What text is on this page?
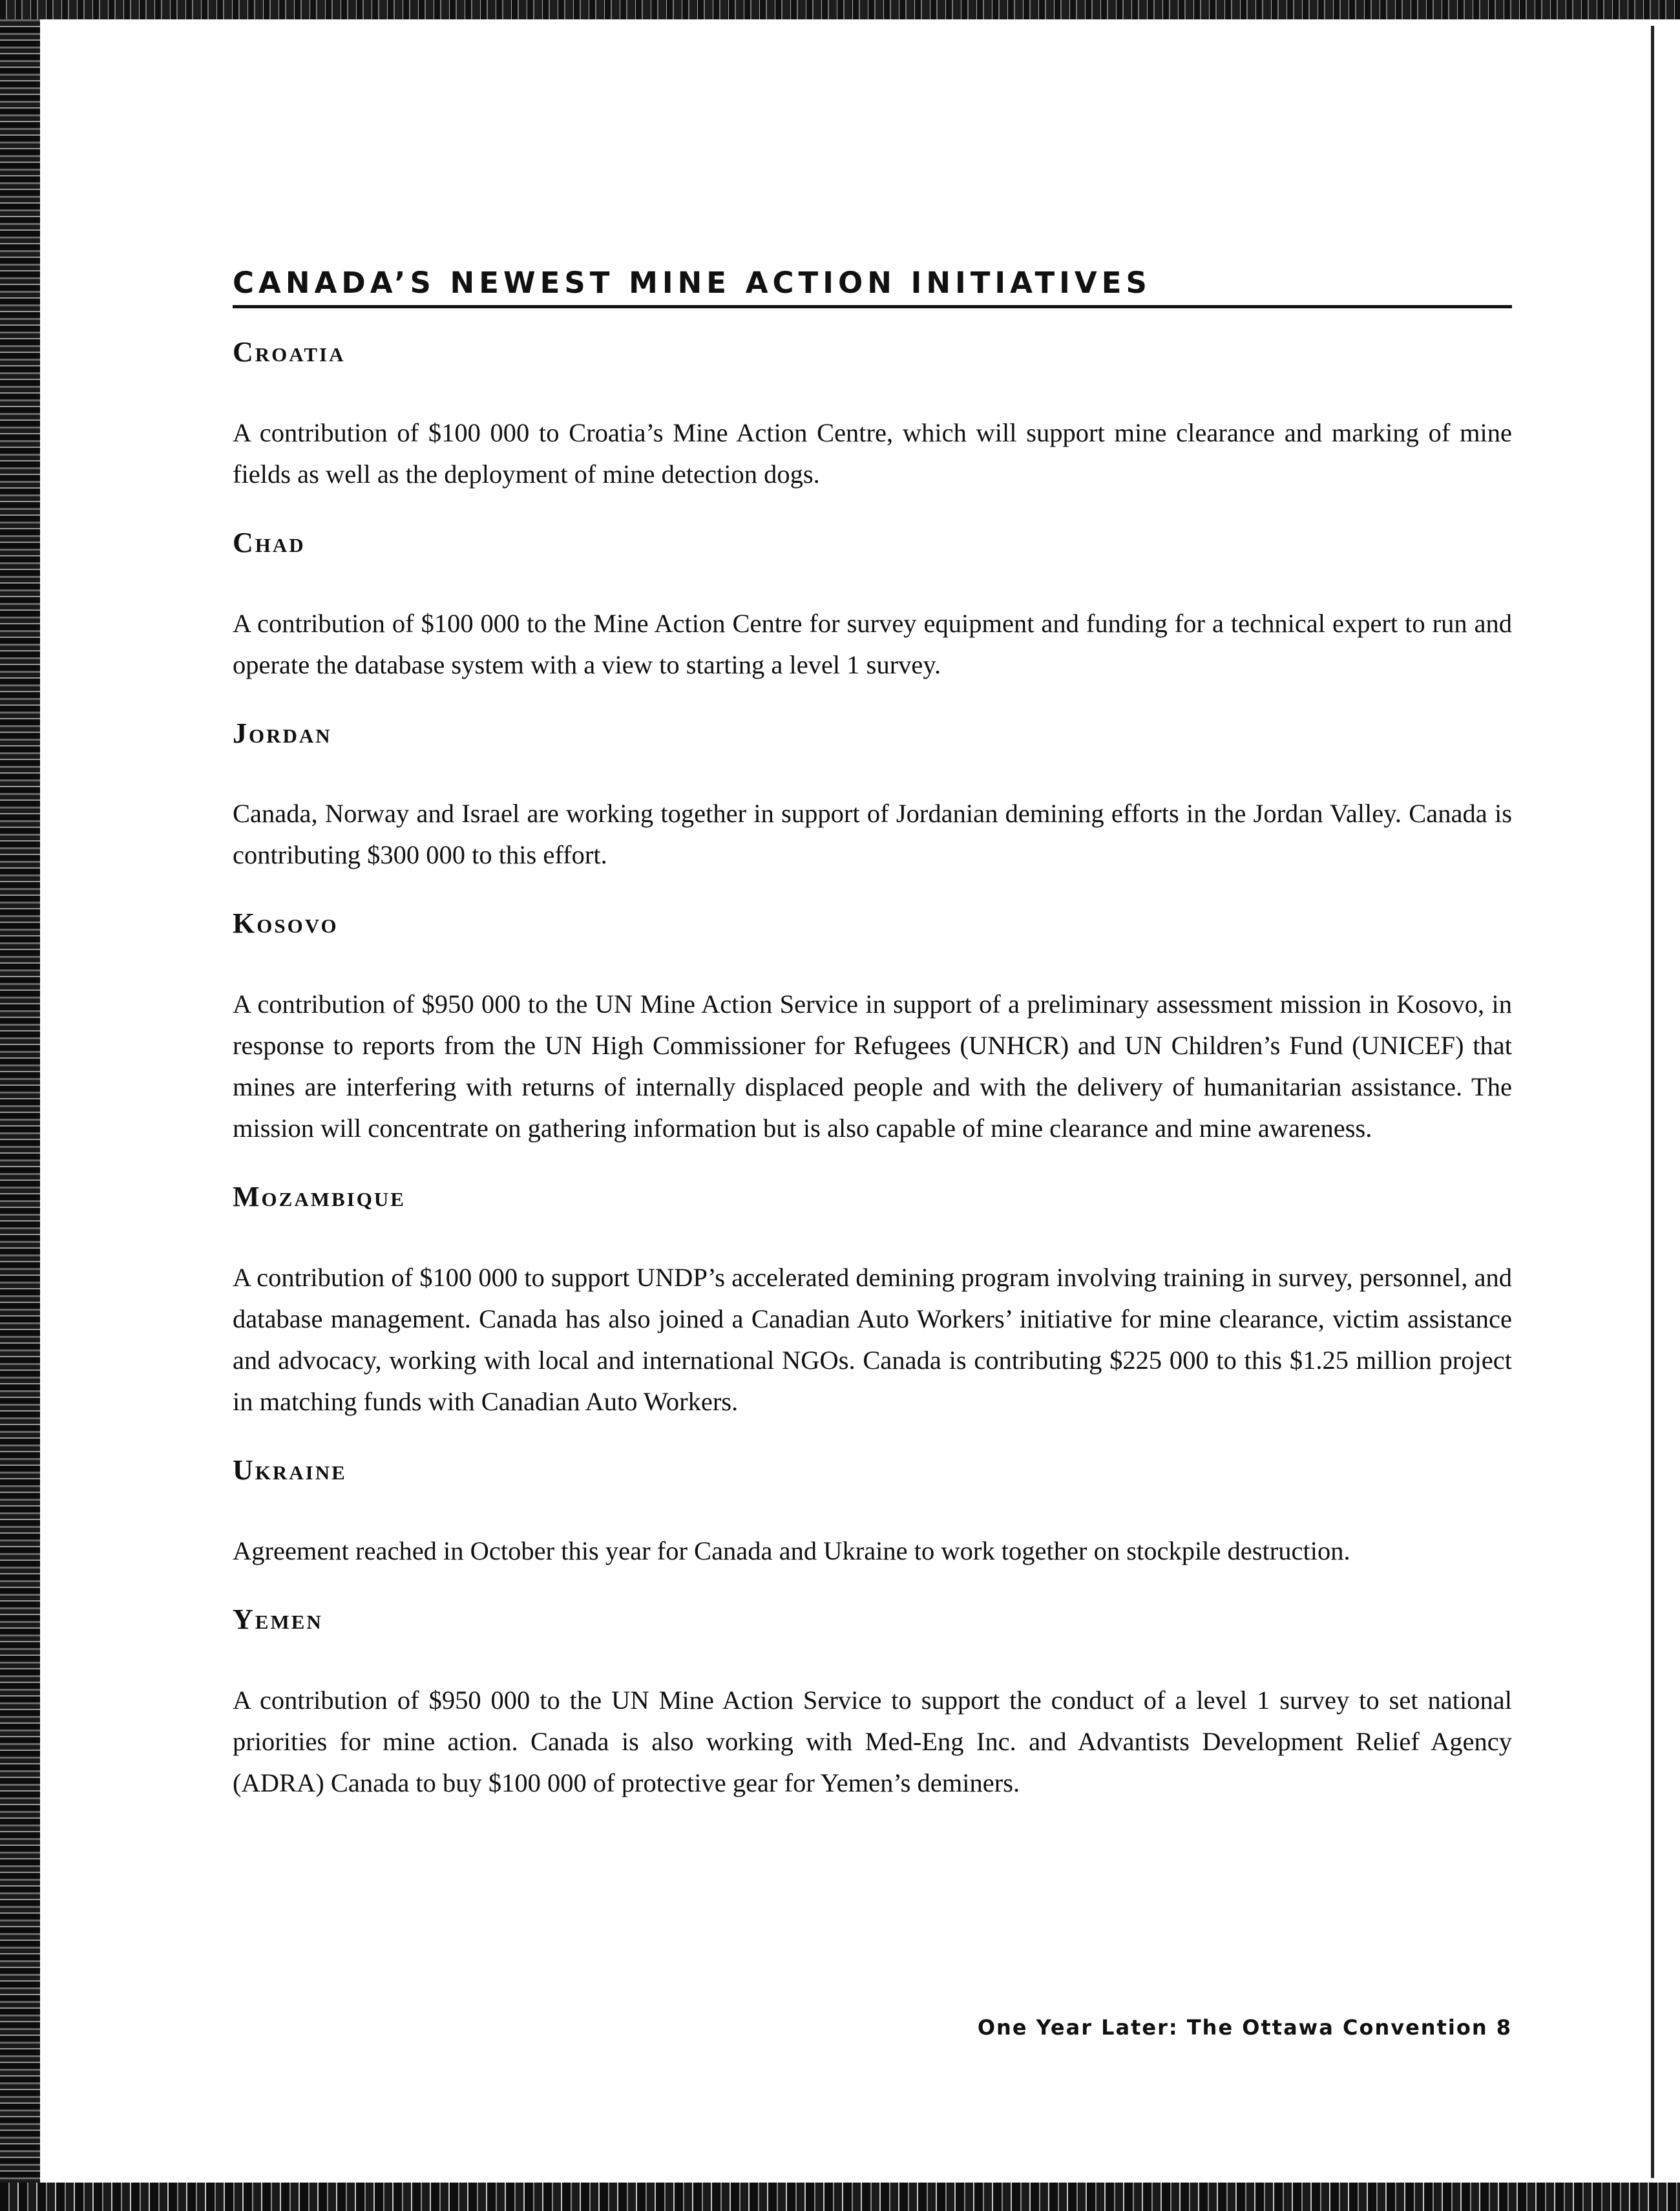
CANADA’S NEWEST MINE ACTION INITIATIVES
Croatia

A contribution of $100 000 to Croatia’s Mine Action Centre, which will support mine clearance and marking of mine fields as well as the deployment of mine detection dogs.

Chad

A contribution of $100 000 to the Mine Action Centre for survey equipment and funding for a technical expert to run and operate the database system with a view to starting a level 1 survey.

Jordan

Canada, Norway and Israel are working together in support of Jordanian demining efforts in the Jordan Valley. Canada is contributing $300 000 to this effort.

Kosovo

A contribution of $950 000 to the UN Mine Action Service in support of a preliminary assessment mission in Kosovo, in response to reports from the UN High Commissioner for Refugees (UNHCR) and UN Children’s Fund (UNICEF) that mines are interfering with returns of internally displaced people and with the delivery of humanitarian assistance. The mission will concentrate on gathering information but is also capable of mine clearance and mine awareness.

Mozambique

A contribution of $100 000 to support UNDP’s accelerated demining program involving training in survey, personnel, and database management. Canada has also joined a Canadian Auto Workers’ initiative for mine clearance, victim assistance and advocacy, working with local and international NGOs. Canada is contributing $225 000 to this $1.25 million project in matching funds with Canadian Auto Workers.

Ukraine

Agreement reached in October this year for Canada and Ukraine to work together on stockpile destruction.

Yemen

A contribution of $950 000 to the UN Mine Action Service to support the conduct of a level 1 survey to set national priorities for mine action. Canada is also working with Med-Eng Inc. and Advantists Development Relief Agency (ADRA) Canada to buy $100 000 of protective gear for Yemen’s deminers.

One Year Later: The Ottawa Convention 8
